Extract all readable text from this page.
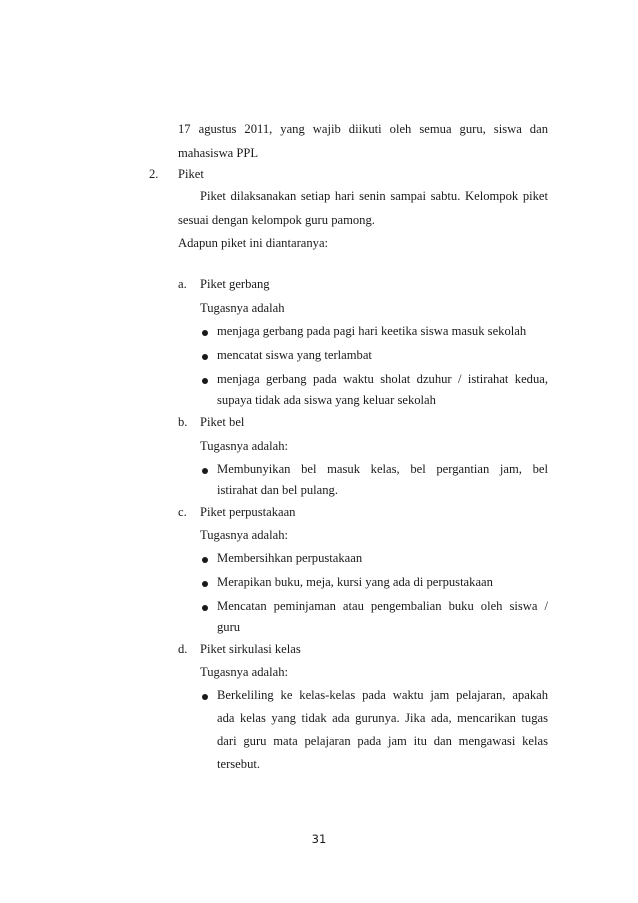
17 agustus 2011, yang wajib diikuti oleh semua guru, siswa dan
mahasiswa PPL
2. Piket
Piket dilaksanakan setiap hari senin sampai sabtu. Kelompok piket
sesuai dengan kelompok guru pamong.
Adapun piket ini diantaranya:
a. Piket gerbang
Tugasnya adalah
menjaga gerbang pada pagi hari keetika siswa masuk sekolah
mencatat siswa yang terlambat
menjaga gerbang pada waktu sholat dzuhur / istirahat kedua,
supaya tidak ada siswa yang keluar sekolah
b. Piket bel
Tugasnya adalah:
Membunyikan bel masuk kelas, bel pergantian jam, bel
istirahat dan bel pulang.
c. Piket perpustakaan
Tugasnya adalah:
Membersihkan perpustakaan
Merapikan buku, meja, kursi yang ada di perpustakaan
Mencatan peminjaman atau pengembalian buku oleh siswa /
guru
d. Piket sirkulasi kelas
Tugasnya adalah:
Berkeliling ke kelas-kelas pada waktu jam pelajaran, apakah
ada kelas yang tidak ada gurunya. Jika ada, mencarikan tugas
dari guru mata pelajaran pada jam itu dan mengawasi kelas
tersebut.
31
